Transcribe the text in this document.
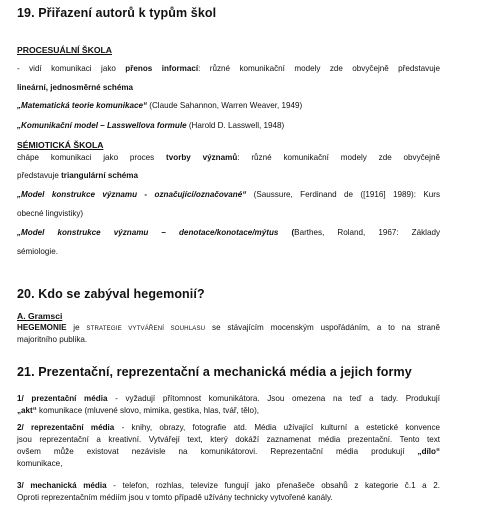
19. Přiřazení autorů k typům škol
PROCESUÁLNÍ ŠKOLA
- vidí komunikaci jako přenos informací: různé komunikační modely zde obvyčejně představuje
lineární, jednosměrné schéma
„Matematická teorie komunikace“ (Claude Sahannon, Warren Weaver, 1949)
„Komunikační model – Lasswellova formule (Harold D. Lasswell, 1948)
SÉMIOTICKÁ ŠKOLA
chápe komunikaci jako proces tvorby významů: různé komunikační modely zde obvyčejně
představuje triangulární schéma
„Model konstrukce významu - označující/označované“ (Saussure, Ferdinand de ([1916] 1989): Kurs
obecné lingvistiky)
„Model konstrukce významu – denotace/konotace/mýtus (Barthes, Roland, 1967: Základy
sémiologie.
20. Kdo se zabýval hegemonií?
A. Gramsci
HEGEMONIE je STRATEGIE VYTVÁŘENÍ SOUHLASU se stávajícím mocenským uspořádáním, a to na straně
majoritního publika.
21. Prezentační, reprezentační a mechanická média a jejich formy
1/ prezentační média - vyžadují přítomnost komunikátora. Jsou omezena na teď a tady. Produkují
„akt“ komunikace (mluvené slovo, mimika, gestika, hlas, tvář, tělo),
2/ reprezentační média - knihy, obrazy, fotografie atd. Média užívající kulturní a estetické konvence
jsou reprezentační a kreativní. Vytvářejí text, který dokáží zaznamenat média prezentační. Tento text
ovšem může existovat nezávisle na komunikátorovi. Reprezentační média produkují „dílo“
komunikace,
3/ mechanická média - telefon, rozhlas, televize fungují jako přenašeče obsahů z kategorie č.1 a 2.
Oproti reprezentačním médiím jsou v tomto případě užívány technicky vytvořené kanály.
